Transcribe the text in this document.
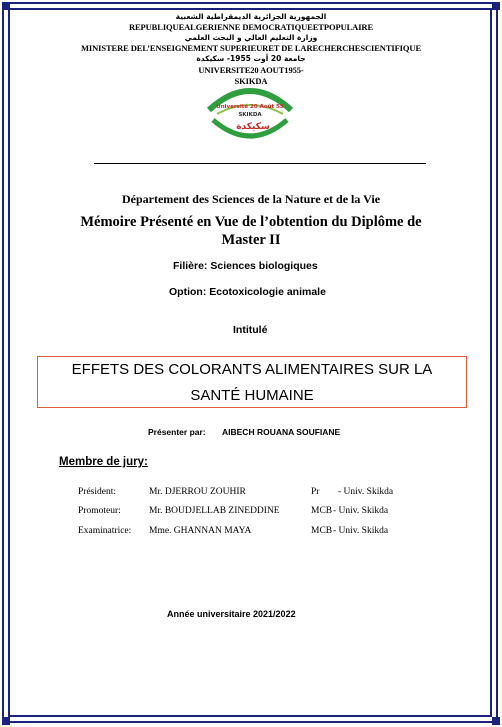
الجمهورية الجزائرية الديمقراطية الشعبية
REPUBLIQUEALGERIENNE DEMOCRATIQUEETPOPULAIRE
وزارة التعليم العالي و البحث العلمي
MINISTERE DEL’ENSEIGNEMENT SUPERIEURET DE LARECHERCHESCIENTIFIQUE
جامعة 20 أوت 1955- سكيكدة
UNIVERSITE20 AOUT1955-
SKIKDA
Université 20 Août 55
SKIKDA
سكيكدة
Département des Sciences de la Nature et de la Vie
Mémoire Présenté en Vue de l’obtention du Diplôme de
Master II
Filière: Sciences biologiques
Option: Ecotoxicologie animale
Intitulé
EFFETS DES COLORANTS ALIMENTAIRES SUR LA
SANTÉ HUMAINE
Présenter par: AIBECH ROUANA SOUFIANE
Membre de jury:
Président:	Mr. DJERROU ZOUHIR	Pr - Univ. Skikda
Promoteur:	Mr. BOUDJELLAB ZINEDDINE	MCB - Univ. Skikda
Examinatrice: Mme. GHANNAN MAYA	MCB - Univ. Skikda
Année universitaire 2021/2022
